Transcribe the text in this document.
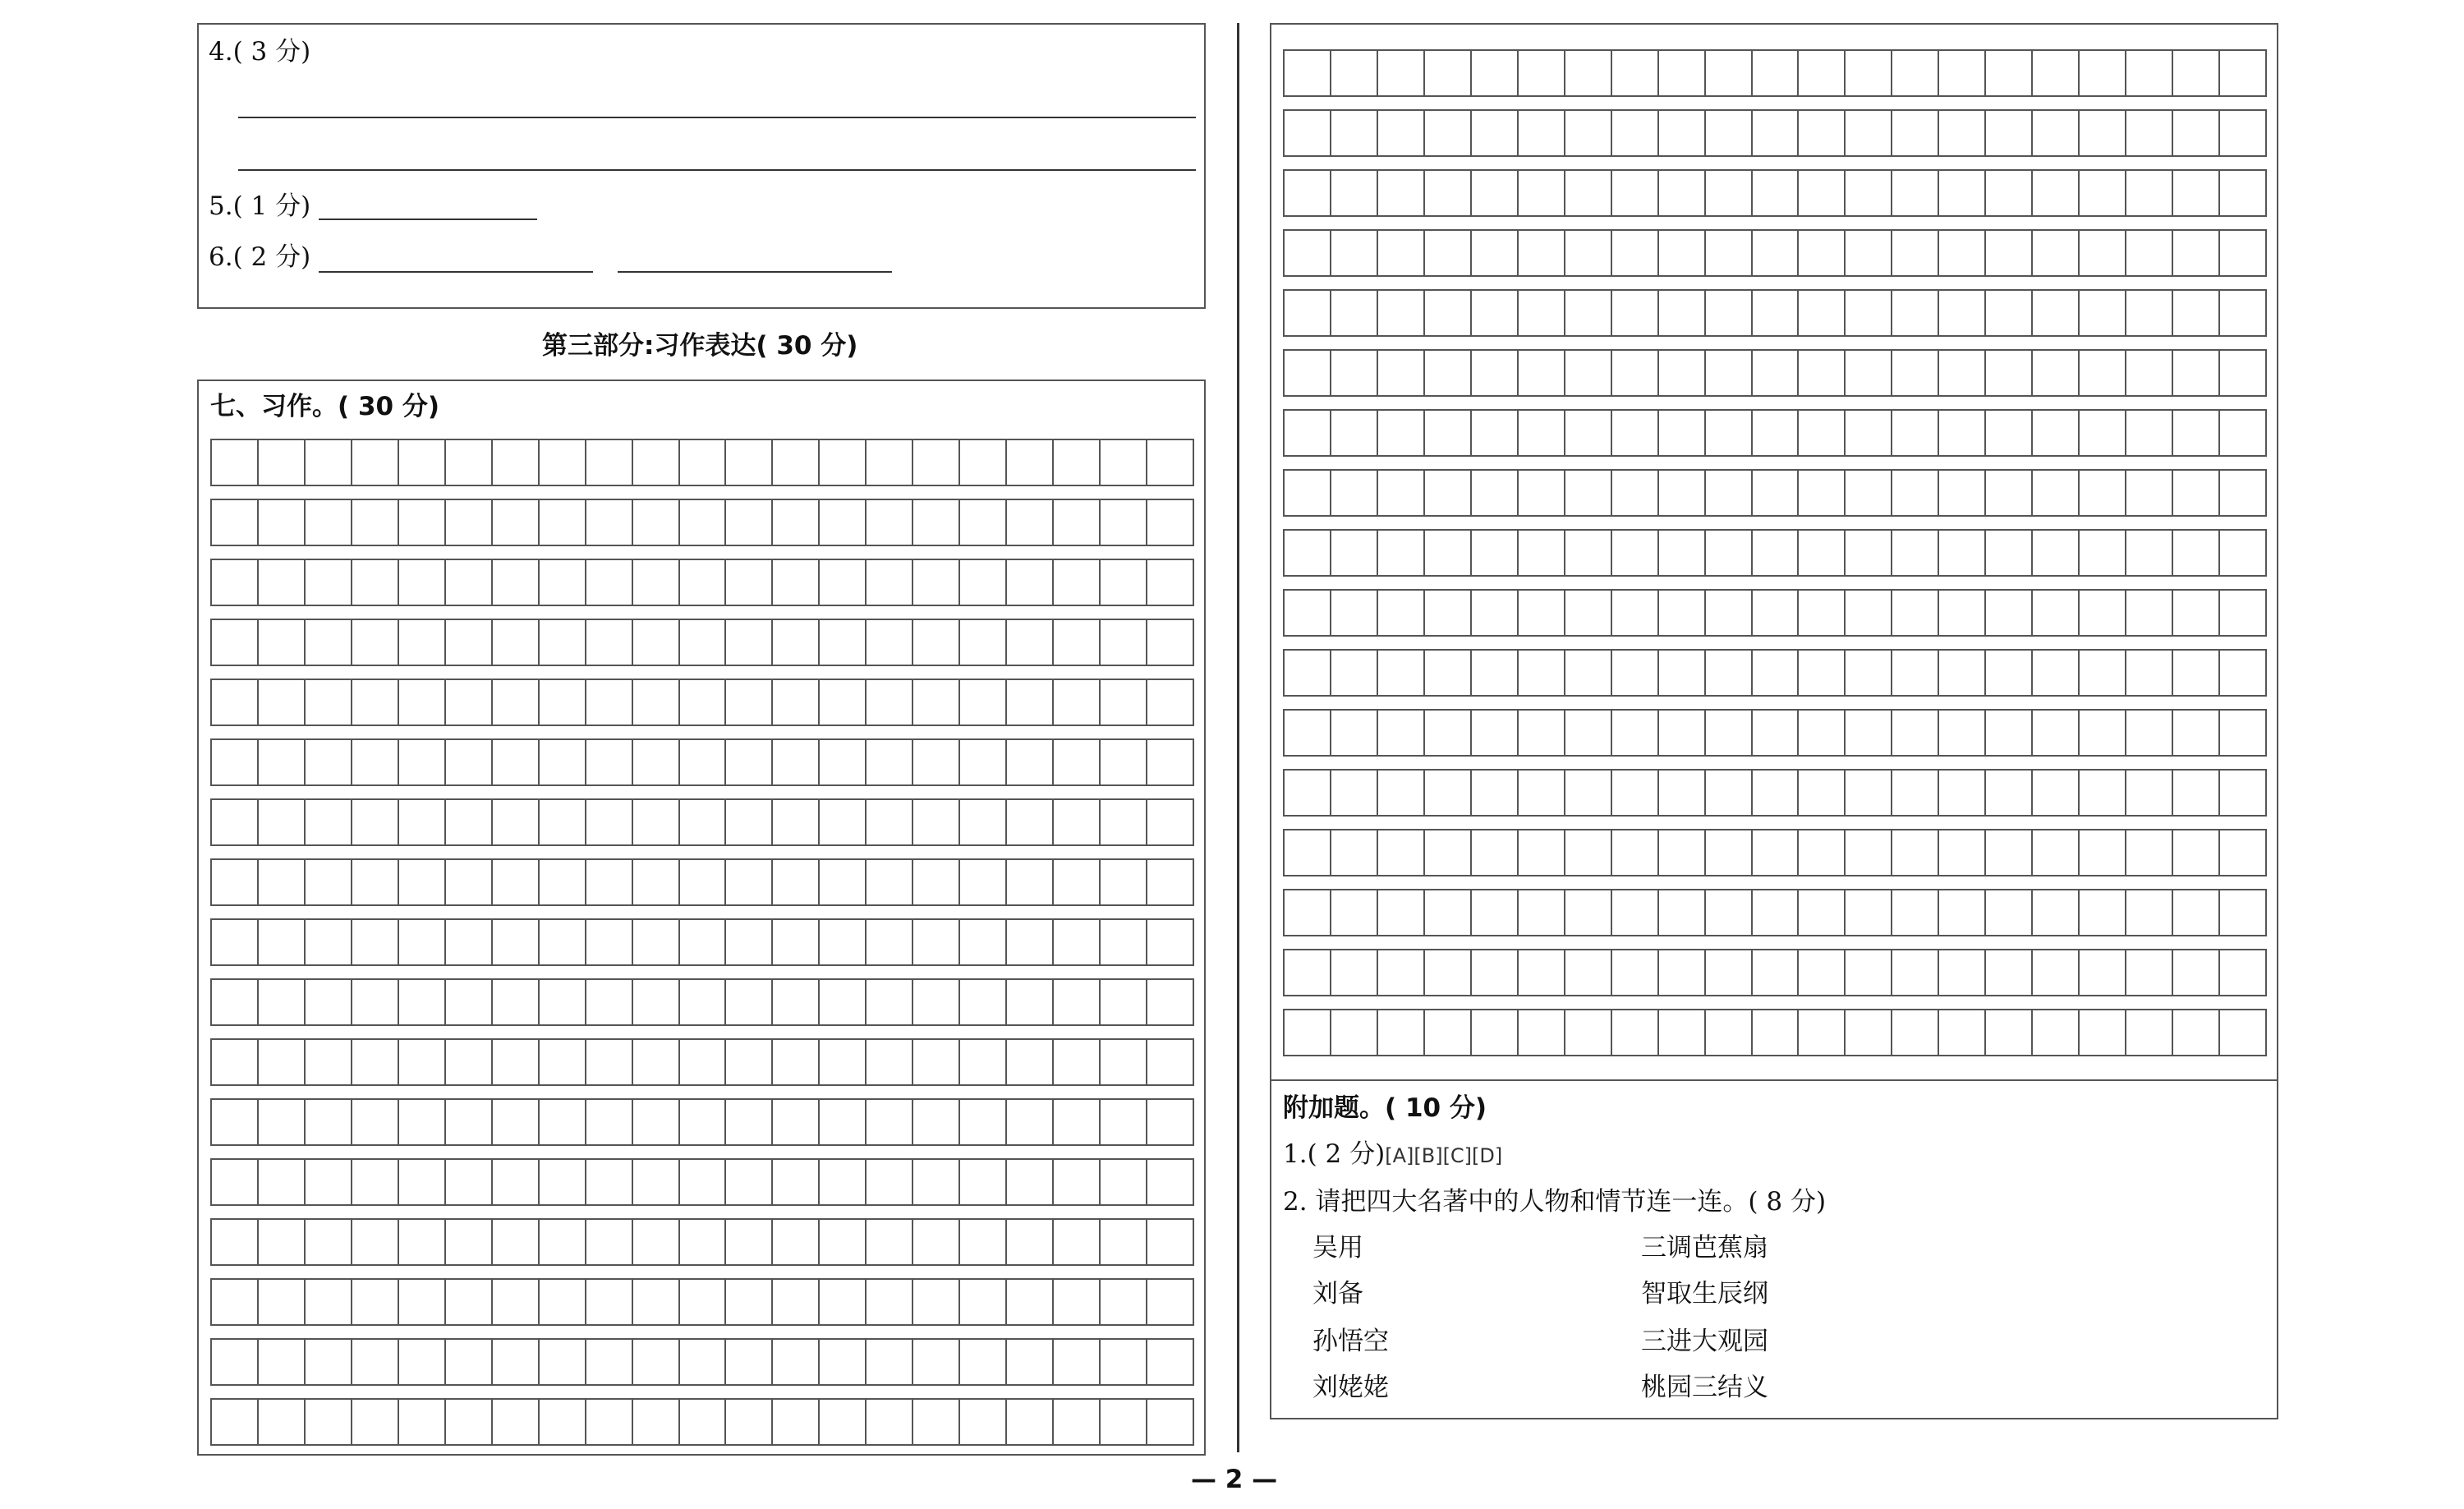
4.( 3 分)
5.( 1 分)
6.( 2 分)
第三部分:习作表达( 30 分)
七、习作。( 30 分)
附加题。( 10 分)
1.( 2 分)[A][B][C][D]
2. 请把四大名著中的人物和情节连一连。( 8 分)
吴用
刘备
孙悟空
刘姥姥
三调芭蕉扇
智取生辰纲
三进大观园
桃园三结义
— 2 —
